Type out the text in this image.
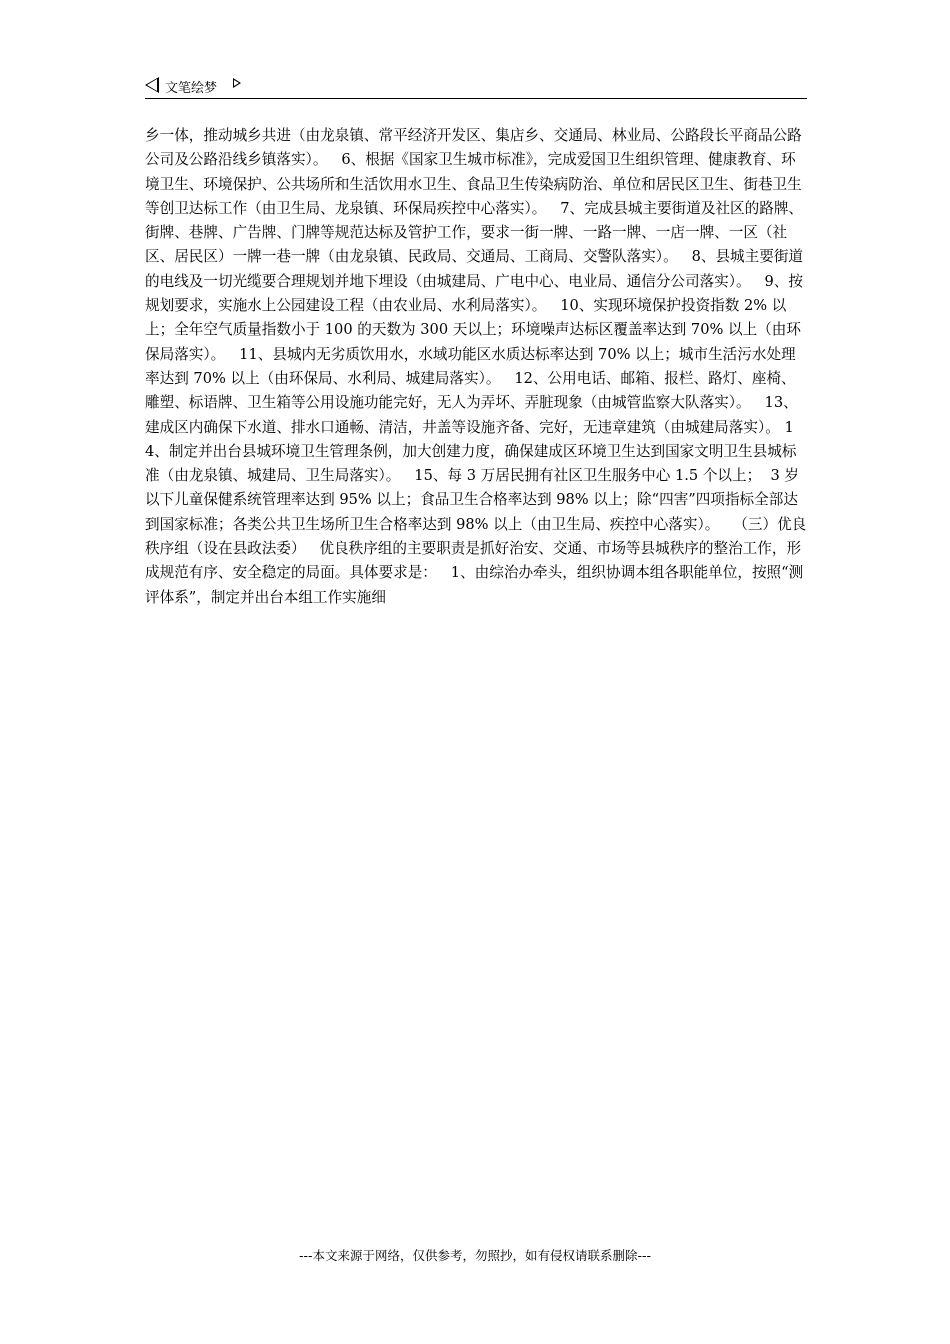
文笔绘梦
乡一体，推动城乡共进（由龙泉镇、常平经济开发区、集店乡、交通局、林业局、公路段长平商品公路公司及公路沿线乡镇落实）。   6、根据《国家卫生城市标准》，完成爱国卫生组织管理、健康教育、环境卫生、环境保护、公共场所和生活饮用水卫生、食品卫生传染病防治、单位和居民区卫生、街巷卫生等创卫达标工作（由卫生局、龙泉镇、环保局疾控中心落实）。   7、完成县城主要街道及社区的路牌、街牌、巷牌、广告牌、门牌等规范达标及管护工作，要求一街一牌、一路一牌、一店一牌、一区（社区、居民区）一牌一巷一牌（由龙泉镇、民政局、交通局、工商局、交警队落实）。   8、县城主要街道的电线及一切光缆要合理规划并地下埋设（由城建局、广电中心、电业局、通信分公司落实）。   9、按规划要求，实施水上公园建设工程（由农业局、水利局落实）。   10、实现环境保护投资指数 2% 以上；全年空气质量指数小于 100 的天数为 300 天以上；环境噪声达标区覆盖率达到 70% 以上（由环保局落实）。   11、县城内无劣质饮用水，水域功能区水质达标率达到 70% 以上；城市生活污水处理率达到 70% 以上（由环保局、水利局、城建局落实）。   12、公用电话、邮箱、报栏、路灯、座椅、雕塑、标语牌、卫生箱等公用设施功能完好，无人为弄坏、弄脏现象（由城管监察大队落实）。   13、建成区内确保下水道、排水口通畅、清洁，井盖等设施齐备、完好，无违章建筑（由城建局落实）。 14、制定并出台县城环境卫生管理条例，加大创建力度，确保建成区环境卫生达到国家文明卫生县城标准（由龙泉镇、城建局、卫生局落实）。   15、每 3 万居民拥有社区卫生服务中心 1.5 个以上；  3 岁以下儿童保健系统管理率达到 95% 以上；食品卫生合格率达到 98% 以上；除“四害”四项指标全部达到国家标准；各类公共卫生场所卫生合格率达到 98% 以上（由卫生局、疾控中心落实）。   （三）优良秩序组（设在县政法委）   优良秩序组的主要职责是抓好治安、交通、市场等县城秩序的整治工作，形成规范有序、安全稳定的局面。具体要求是：   1、由综治办牵头，组织协调本组各职能单位，按照“测评体系”，制定并出台本组工作实施细
---本文来源于网络，仅供参考，勿照抄，如有侵权请联系删除---
